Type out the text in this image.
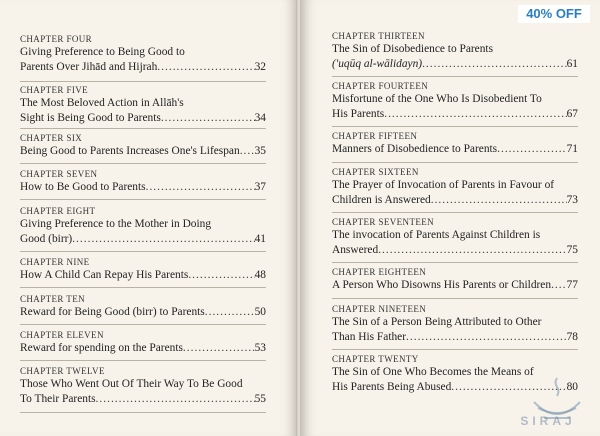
CHAPTER FOUR
Giving Preference to Being Good to
Parents Over Jihād and Hijrah .....	32
CHAPTER FIVE
The Most Beloved Action in Allāh's
Sight is Being Good to Parents .....	34
CHAPTER SIX
Being Good to Parents Increases One's Lifespan ..... 35
CHAPTER SEVEN
How to Be Good to Parents .....	37
CHAPTER EIGHT
Giving Preference to the Mother in Doing
Good (birr) .....	41
CHAPTER NINE
How A Child Can Repay His Parents .....	48
CHAPTER TEN
Reward for Being Good (birr) to Parents .....	50
CHAPTER ELEVEN
Reward for spending on the Parents .....	53
CHAPTER TWELVE
Those Who Went Out Of Their Way To Be Good
To Their Parents .....	55
CHAPTER THIRTEEN
The Sin of Disobedience to Parents
('uqūq al-wālidayn) .....	61
CHAPTER FOURTEEN
Misfortune of the One Who Is Disobedient To
His Parents .....	67
CHAPTER FIFTEEN
Manners of Disobedience to Parents .....	71
CHAPTER SIXTEEN
The Prayer of Invocation of Parents in Favour of
Children is Answered .....	73
CHAPTER SEVENTEEN
The invocation of Parents Against Children is
Answered .....	75
CHAPTER EIGHTEEN
A Person Who Disowns His Parents or Children ..... 77
CHAPTER NINETEEN
The Sin of a Person Being Attributed to Other
Than His Father .....	78
CHAPTER TWENTY
The Sin of One Who Becomes the Means of
His Parents Being Abused .....	80
40% OFF
SIRAJ
